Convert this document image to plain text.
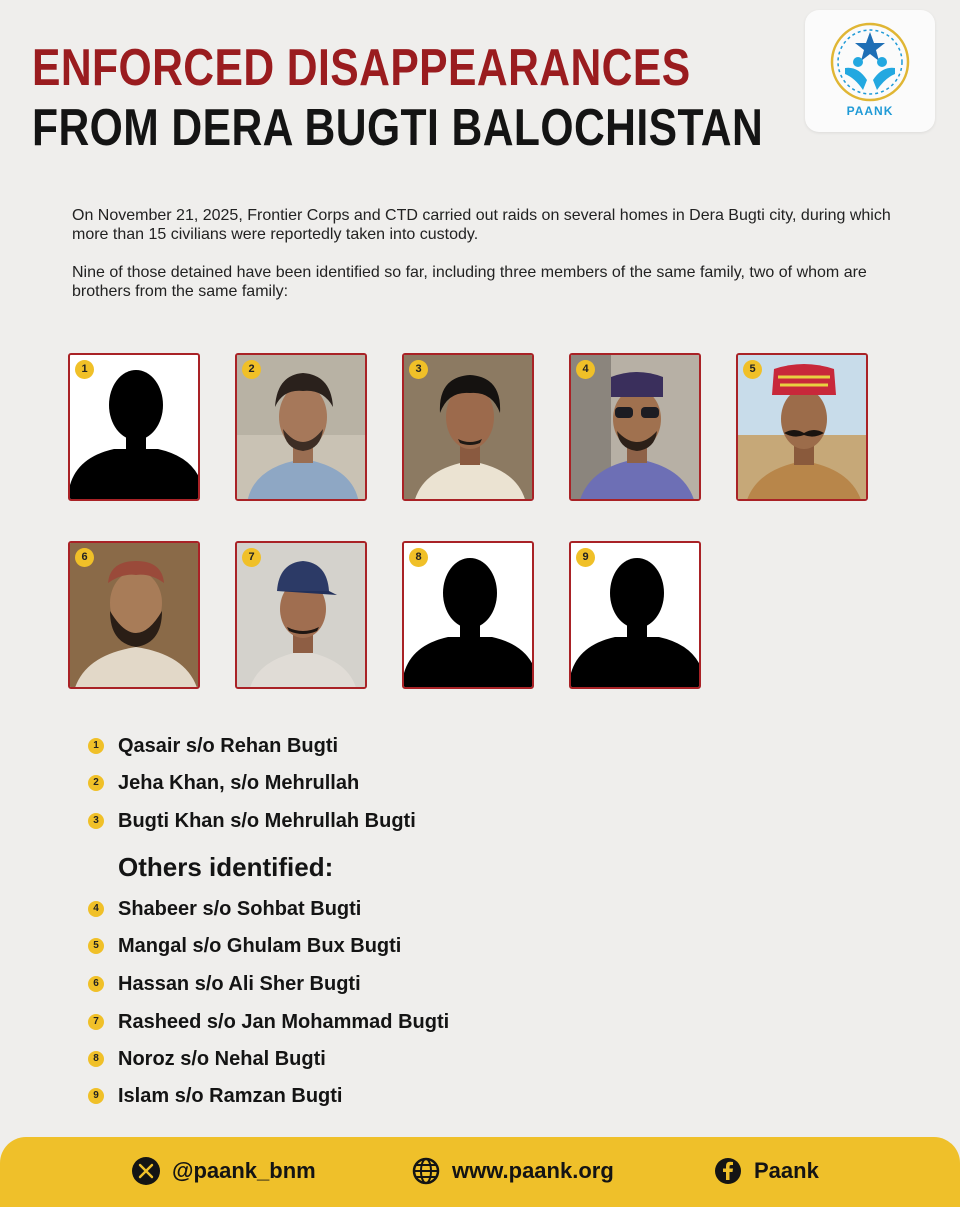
ENFORCED DISAPPEARANCES
FROM DERA BUGTI BALOCHISTAN	PAANK

On November 21, 2025, Frontier Corps and CTD carried out raids on several homes in Dera Bugti city, during which more than 15 civilians were reportedly taken into custody.

Nine of those detained have been identified so far, including three members of the same family, two of whom are brothers from the same family:

1	2	3	4	5
6	7	8	9
1 Qasair s/o Rehan Bugti
2 Jeha Khan, s/o Mehrullah
3 Bugti Khan s/o Mehrullah Bugti
Others identified:
4 Shabeer s/o Sohbat Bugti
5 Mangal s/o Ghulam Bux Bugti
6 Hassan s/o Ali Sher Bugti
7 Rasheed s/o Jan Mohammad Bugti
8 Noroz s/o Nehal Bugti
9 Islam s/o Ramzan Bugti
@paank_bnm	www.paank.org	Paank
